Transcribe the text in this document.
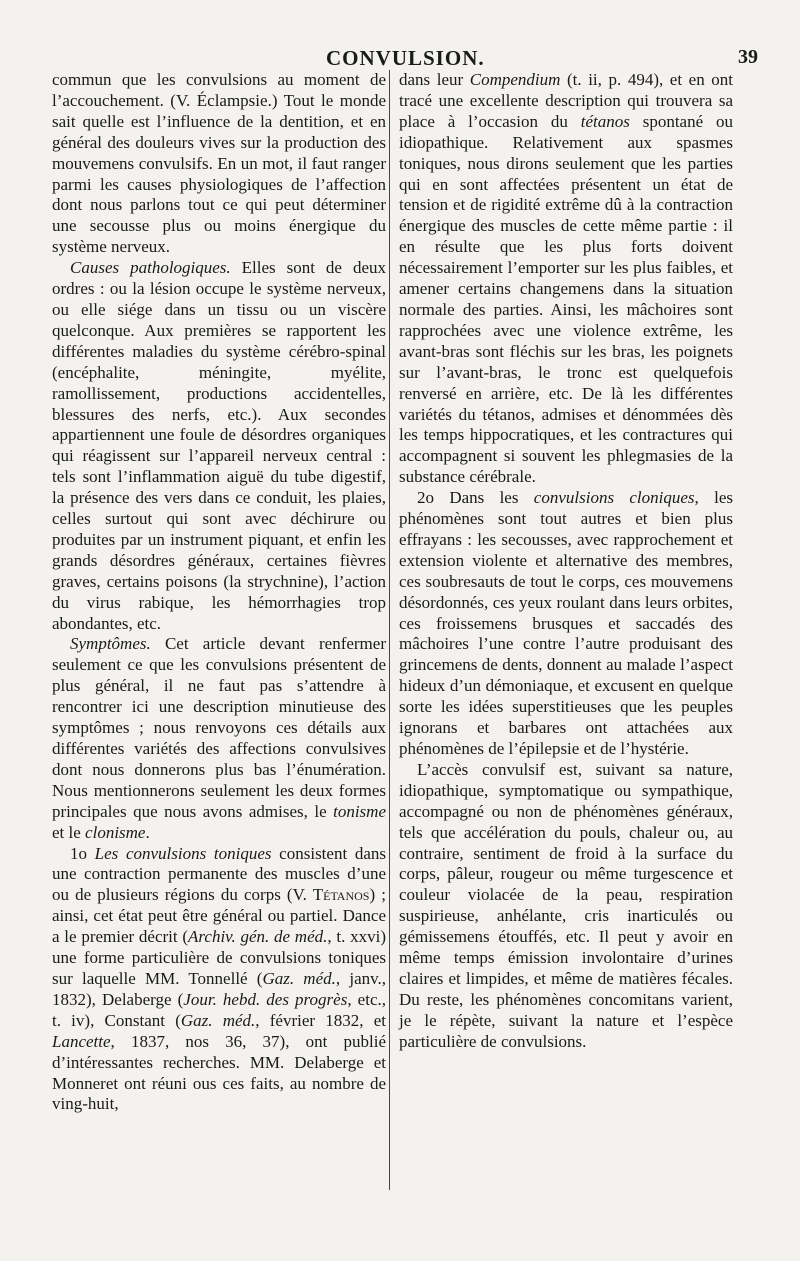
CONVULSION.	39

commun que les convulsions au moment de l’accouchement. (V. Éclampsie.) Tout le monde sait quelle est l’influence de la dentition, et en général des douleurs vives sur la production des mouvemens convulsifs. En un mot, il faut ranger parmi les causes physiologiques de l’affection dont nous parlons tout ce qui peut déterminer une secousse plus ou moins énergique du système nerveux.

Causes pathologiques. Elles sont de deux ordres : ou la lésion occupe le système nerveux, ou elle siége dans un tissu ou un viscère quelconque. Aux premières se rapportent les différentes maladies du système cérébro-spinal (encéphalite, méningite, myélite, ramollissement, productions accidentelles, blessures des nerfs, etc.). Aux secondes appartiennent une foule de désordres organiques qui réagissent sur l’appareil nerveux central : tels sont l’inflammation aiguë du tube digestif, la présence des vers dans ce conduit, les plaies, celles surtout qui sont avec déchirure ou produites par un instrument piquant, et enfin les grands désordres généraux, certaines fièvres graves, certains poisons (la strychnine), l’action du virus rabique, les hémorrhagies trop abondantes, etc.

Symptômes. Cet article devant renfermer seulement ce que les convulsions présentent de plus général, il ne faut pas s’attendre à rencontrer ici une description minutieuse des symptômes ; nous renvoyons ces détails aux différentes variétés des affections convulsives dont nous donnerons plus bas l’énumération. Nous mentionnerons seulement les deux formes principales que nous avons admises, le tonisme et le clonisme.

1o Les convulsions toniques consistent dans une contraction permanente des muscles d’une ou de plusieurs régions du corps (V. Tétanos) ; ainsi, cet état peut être général ou partiel. Dance a le premier décrit (Archiv. gén. de méd., t. xxvi) une forme particulière de convulsions toniques sur laquelle MM. Tonnellé (Gaz. méd., janv., 1832), Delaberge (Jour. hebd. des progrès, etc., t. iv), Constant (Gaz. méd., février 1832, et Lancette, 1837, nos 36, 37), ont publié d’intéressantes recherches. MM. Delaberge et Monneret ont réuni ous ces faits, au nombre de ving-huit,

dans leur Compendium (t. ii, p. 494), et en ont tracé une excellente description qui trouvera sa place à l’occasion du tétanos spontané ou idiopathique. Relativement aux spasmes toniques, nous dirons seulement que les parties qui en sont affectées présentent un état de tension et de rigidité extrême dû à la contraction énergique des muscles de cette même partie : il en résulte que les plus forts doivent nécessairement l’emporter sur les plus faibles, et amener certains changemens dans la situation normale des parties. Ainsi, les mâchoires sont rapprochées avec une violence extrême, les avant-bras sont fléchis sur les bras, les poignets sur l’avant-bras, le tronc est quelquefois renversé en arrière, etc. De là les différentes variétés du tétanos, admises et dénommées dès les temps hippocratiques, et les contractures qui accompagnent si souvent les phlegmasies de la substance cérébrale.

2o Dans les convulsions cloniques, les phénomènes sont tout autres et bien plus effrayans : les secousses, avec rapprochement et extension violente et alternative des membres, ces soubresauts de tout le corps, ces mouvemens désordonnés, ces yeux roulant dans leurs orbites, ces froissemens brusques et saccadés des mâchoires l’une contre l’autre produisant des grincemens de dents, donnent au malade l’aspect hideux d’un démoniaque, et excusent en quelque sorte les idées superstitieuses que les peuples ignorans et barbares ont attachées aux phénomènes de l’épilepsie et de l’hystérie.

L’accès convulsif est, suivant sa nature, idiopathique, symptomatique ou sympathique, accompagné ou non de phénomènes généraux, tels que accélération du pouls, chaleur ou, au contraire, sentiment de froid à la surface du corps, pâleur, rougeur ou même turgescence et couleur violacée de la peau, respiration suspirieuse, anhélante, cris inarticulés ou gémissemens étouffés, etc. Il peut y avoir en même temps émission involontaire d’urines claires et limpides, et même de matières fécales. Du reste, les phénomènes concomitans varient, je le répète, suivant la nature et l’espèce particulière de convulsions.
